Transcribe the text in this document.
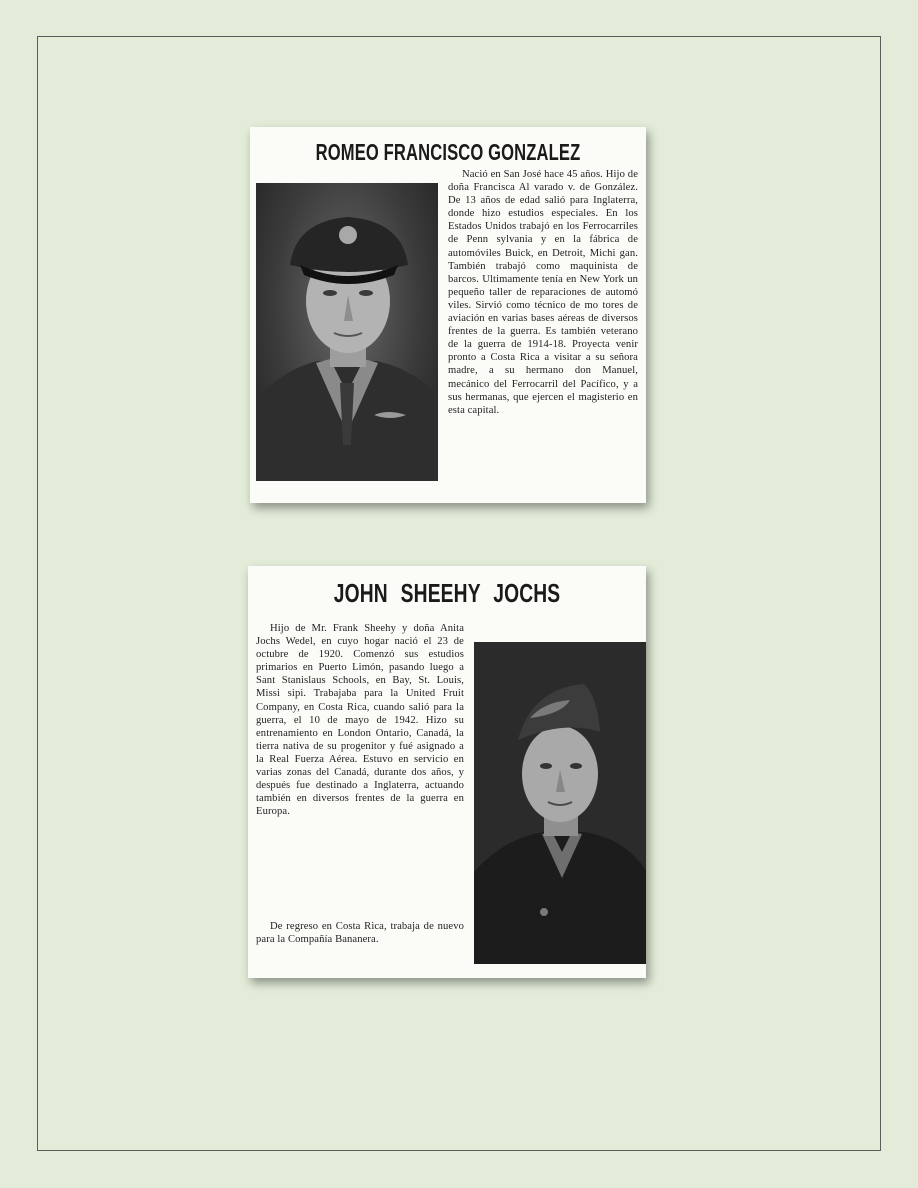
ROMEO FRANCISCO GONZALEZ

Nació en San José hace 45 años. Hijo de doña Francisca Al varado v. de González. De 13 años de edad salió para Inglaterra, donde hizo estudios especiales. En los Estados Unidos trabajó en los Ferrocarriles de Penn sylvania y en la fábrica de automóviles Buick, en Detroit, Michi gan. También trabajó como maquinista de barcos. Ultimamente tenía en New York un pequeño taller de reparaciones de automó viles. Sirvió como técnico de mo tores de aviación en varias bases aéreas de diversos frentes de la guerra. Es también veterano de la guerra de 1914-18. Proyecta venir pronto a Costa Rica a visitar a su señora madre, a su hermano don Manuel, mecánico del Ferrocarril del Pacífico, y a sus hermanas, que ejercen el magisterio en esta capital.

JOHN SHEEHY JOCHS

Hijo de Mr. Frank Sheehy y doña Anita Jochs Wedel, en cuyo hogar nació el 23 de octubre de 1920. Comenzó sus estudios primarios en Puerto Limón, pasando luego a Sant Stanislaus Schools, en Bay, St. Louis, Missi sipi. Trabajaba para la United Fruit Company, en Costa Rica, cuando salió para la guerra, el 10 de mayo de 1942. Hizo su entrenamiento en London Ontario, Canadá, la tierra nativa de su progenitor y fué asignado a la Real Fuerza Aérea. Estuvo en servicio en varias zonas del Canadá, durante dos años, y después fue destinado a Inglaterra, actuando también en diversos frentes de la guerra en Europa.

De regreso en Costa Rica, trabaja de nuevo para la Compañía Bananera.
